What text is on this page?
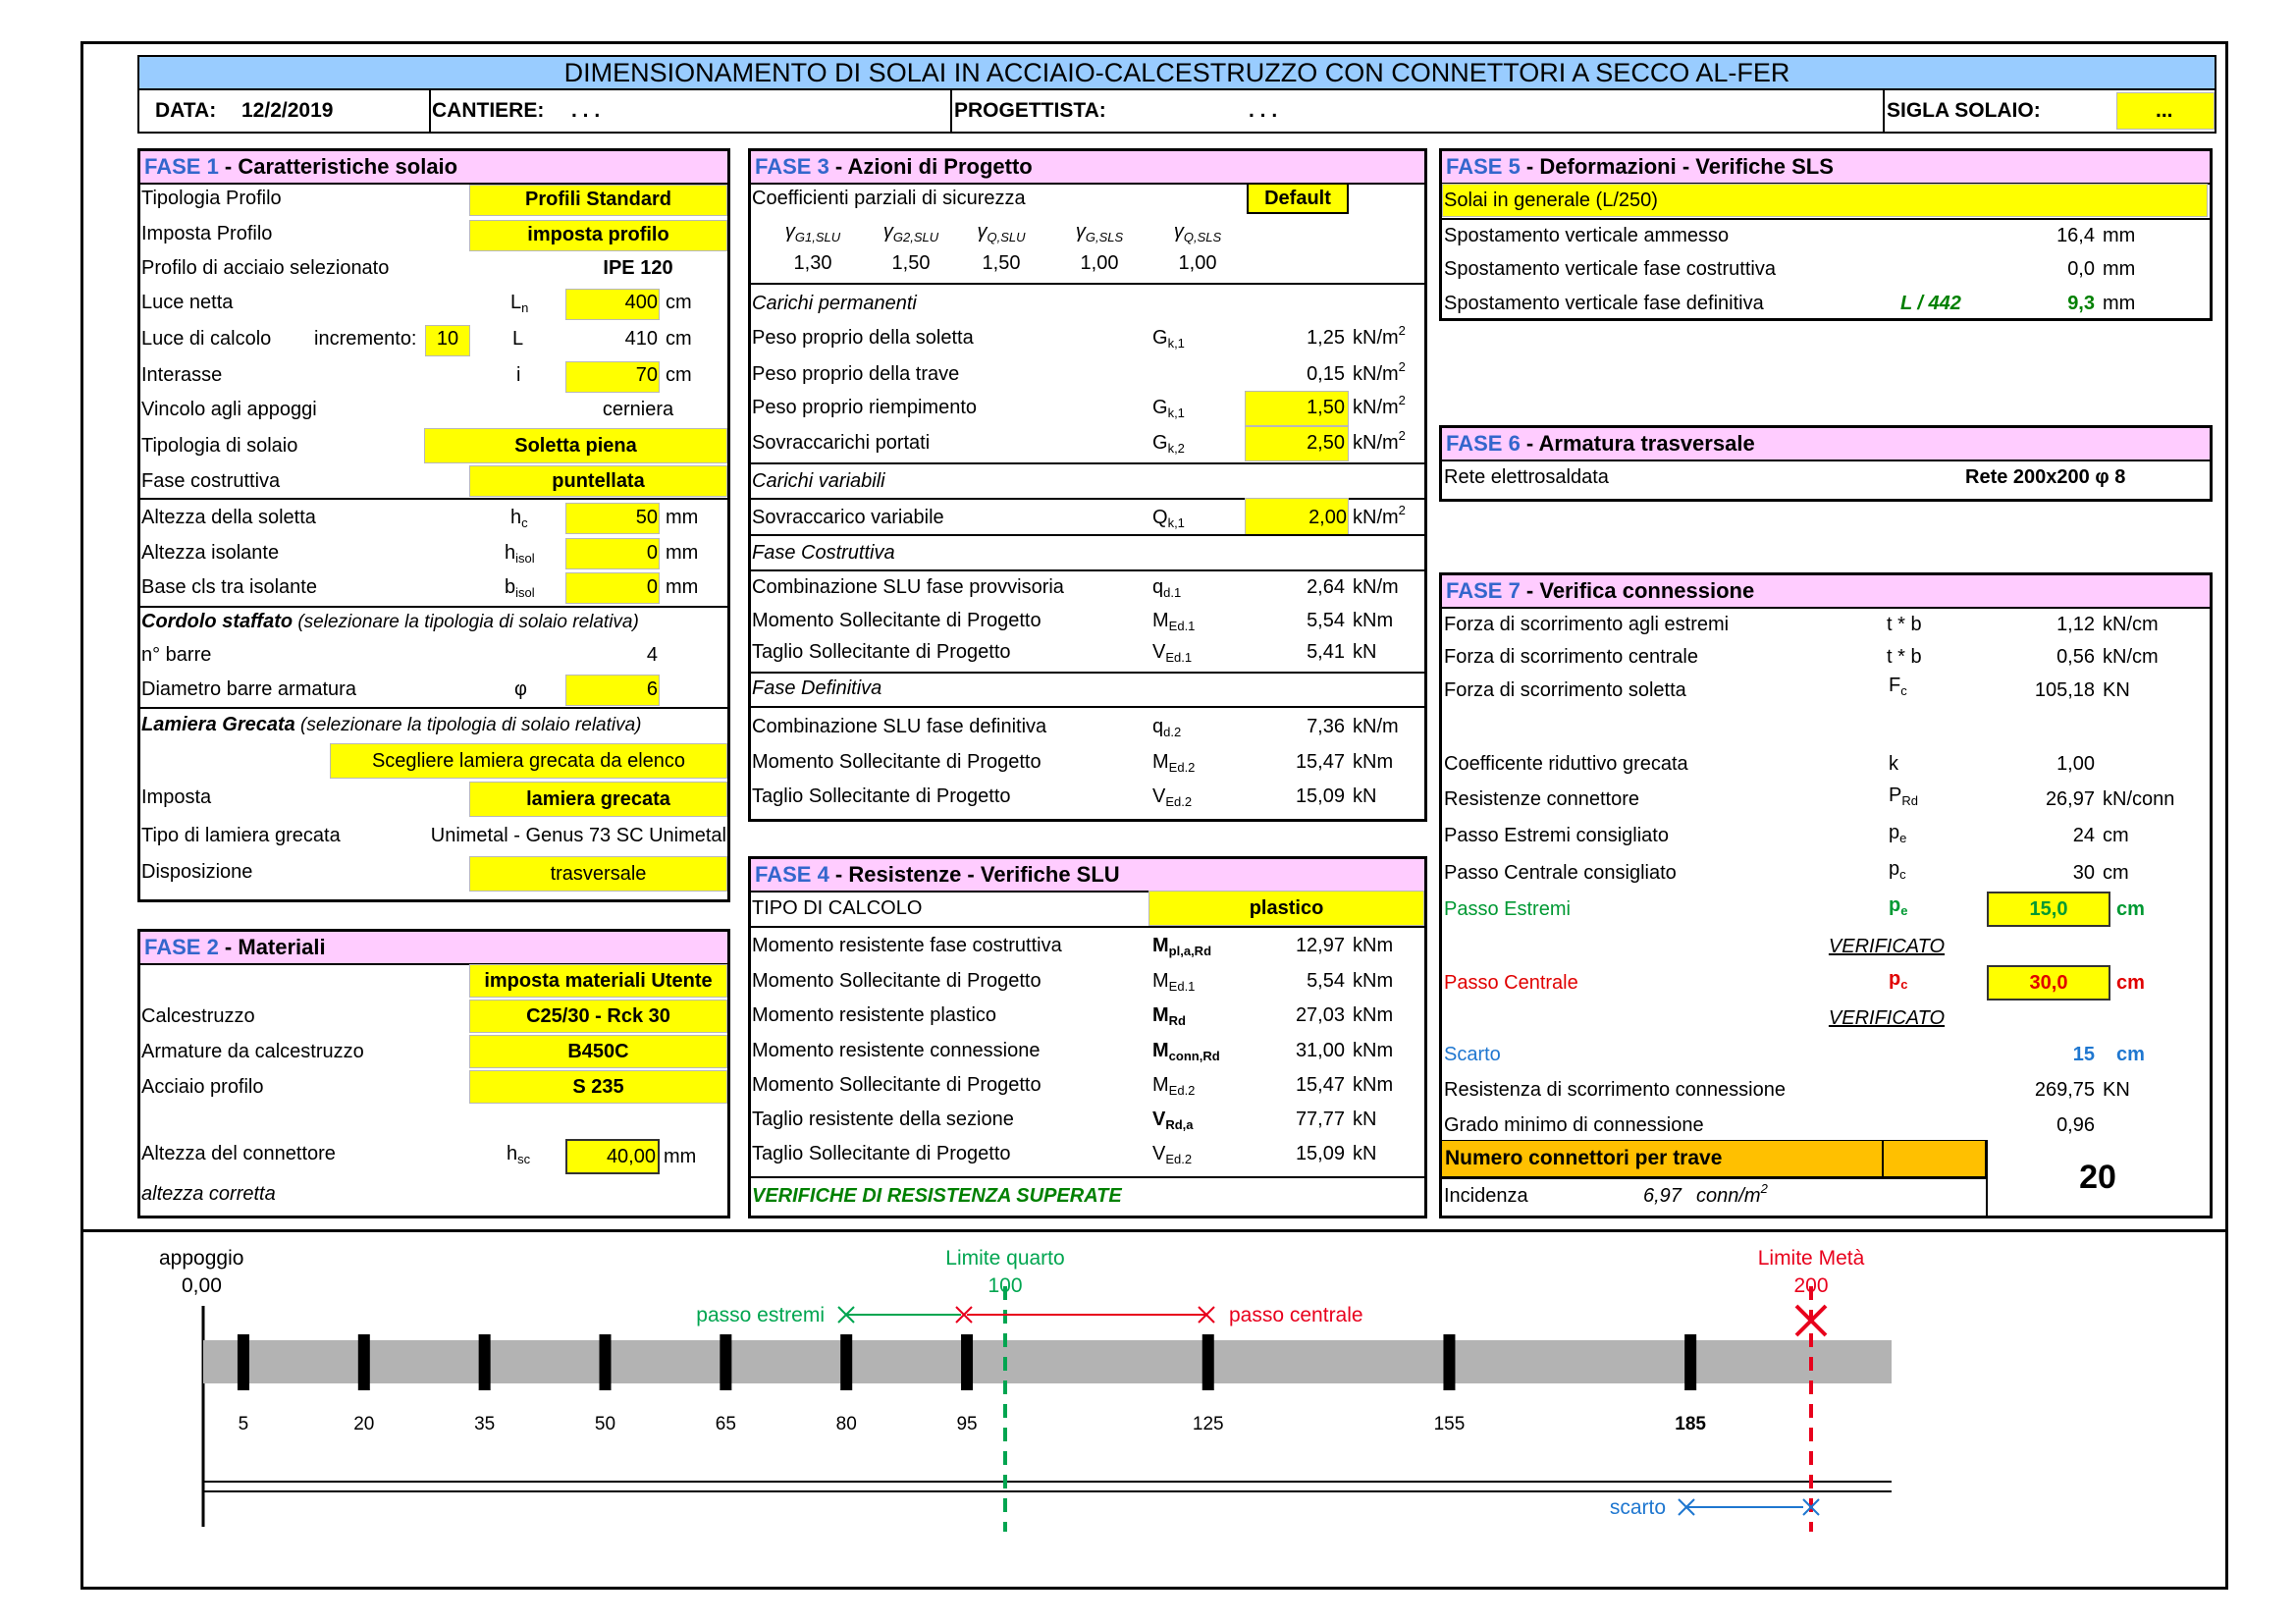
DIMENSIONAMENTO DI SOLAI IN ACCIAIO-CALCESTRUZZO CON CONNETTORI A SECCO AL-FER
DATA: 12/2/2019	CANTIERE: . . .	PROGETTISTA:	. . .	SIGLA SOLAIO:	...
FASE 1 - Caratteristiche solaio
Tipologia Profilo	Profili Standard
Imposta Profilo	imposta profilo
Profilo di acciaio selezionato	IPE 120
Luce netta	$L_n$	400 cm
Luce di calcolo incremento:	10	L	410 cm
Interasse	i	70 cm
Vincolo agli appoggi	cerniera
Tipologia di solaio	Soletta piena
Fase costruttiva	puntellata
Altezza della soletta	$h_c$	50 mm
Altezza isolante	$h_{isol}$	0 mm
Base cls tra isolante	$b_{isol}$	0 mm
Cordolo staffato (selezionare la tipologia di solaio relativa)
n° barre	4
Diametro barre armatura	φ	6
Lamiera Grecata (selezionare la tipologia di solaio relativa)
Scegliere lamiera grecata da elenco
Imposta	lamiera grecata
Tipo di lamiera grecata	Unimetal - Genus 73 SC Unimetal
Disposizione	trasversale
FASE 2 - Materiali
imposta materiali Utente
Calcestruzzo	C25/30 - Rck 30
Armature da calcestruzzo	B450C
Acciaio profilo	S 235
Altezza del connettore	$h_{sc}$	40,00 mm
altezza corretta
FASE 3 - Azioni di Progetto
Coefficienti parziali di sicurezza	Default
$\gamma_{G1,SLU}$	$\gamma_{G2,SLU}$	$\gamma_{Q,SLU}$	$\gamma_{G,SLS}$	$\gamma_{Q,SLS}$
1,30	1,50	1,50	1,00	1,00
Carichi permanenti
Peso proprio della soletta	$G_{k,1}$	1,25 $kN/m^2$
Peso proprio della trave	0,15 $kN/m^2$
Peso proprio riempimento	$G_{k,1}$	1,50 $kN/m^2$
Sovraccarichi portati	$G_{k,2}$	2,50 $kN/m^2$
Carichi variabili
Sovraccarico variabile	$Q_{k,1}$	2,00 $kN/m^2$
Fase Costruttiva
Combinazione SLU fase provvisoria	$q_{d.1}$	2,64 kN/m
Momento Sollecitante di Progetto	$M_{Ed.1}$	5,54 kNm
Taglio Sollecitante di Progetto	$V_{Ed.1}$	5,41 kN
Fase Definitiva
Combinazione SLU fase definitiva	$q_{d.2}$	7,36 kN/m
Momento Sollecitante di Progetto	$M_{Ed.2}$	15,47 kNm
Taglio Sollecitante di Progetto	$V_{Ed.2}$	15,09 kN
FASE 4 - Resistenze - Verifiche SLU
TIPO DI CALCOLO	plastico
Momento resistente fase costruttiva	$M_{pl,a,Rd}$	12,97 kNm
Momento Sollecitante di Progetto	$M_{Ed.1}$	5,54 kNm
Momento resistente plastico	$M_{Rd}$	27,03 kNm
Momento resistente connessione	$M_{conn,Rd}$	31,00 kNm
Momento Sollecitante di Progetto	$M_{Ed.2}$	15,47 kNm
Taglio resistente della sezione	$V_{Rd,a}$	77,77 kN
Taglio Sollecitante di Progetto	$V_{Ed.2}$	15,09 kN
VERIFICHE DI RESISTENZA SUPERATE
FASE 5 - Deformazioni - Verifiche SLS
Solai in generale (L/250)
Spostamento verticale ammesso	16,4 mm
Spostamento verticale fase costruttiva	0,0 mm
Spostamento verticale fase definitiva	L / 442	9,3 mm
FASE 6 - Armatura trasversale
Rete elettrosaldata	Rete 200x200 φ 8
FASE 7 - Verifica connessione
Forza di scorrimento agli estremi	t * b	1,12 kN/cm
Forza di scorrimento centrale	t * b	0,56 kN/cm
Forza di scorrimento soletta	$F_c$	105,18 KN
Coefficente riduttivo grecata	k	1,00
Resistenze connettore	$P_{Rd}$	26,97 kN/conn
Passo Estremi consigliato	$p_e$	24 cm
Passo Centrale consigliato	$p_c$	30 cm
Passo Estremi	$p_e$	15,0	cm
VERIFICATO
Passo Centrale	$p_c$	30,0	cm
VERIFICATO
Scarto	15 cm
Resistenza di scorrimento connessione	269,75 KN
Grado minimo di connessione	0,96
Numero connettori per trave
20
Incidenza	6,97 conn/$m^2$
5	20	35	50	65	80	95	125	155	185
appoggio
0,00
Limite quarto
100
Limite Metà
200
passo estremi	passo centrale
scarto
